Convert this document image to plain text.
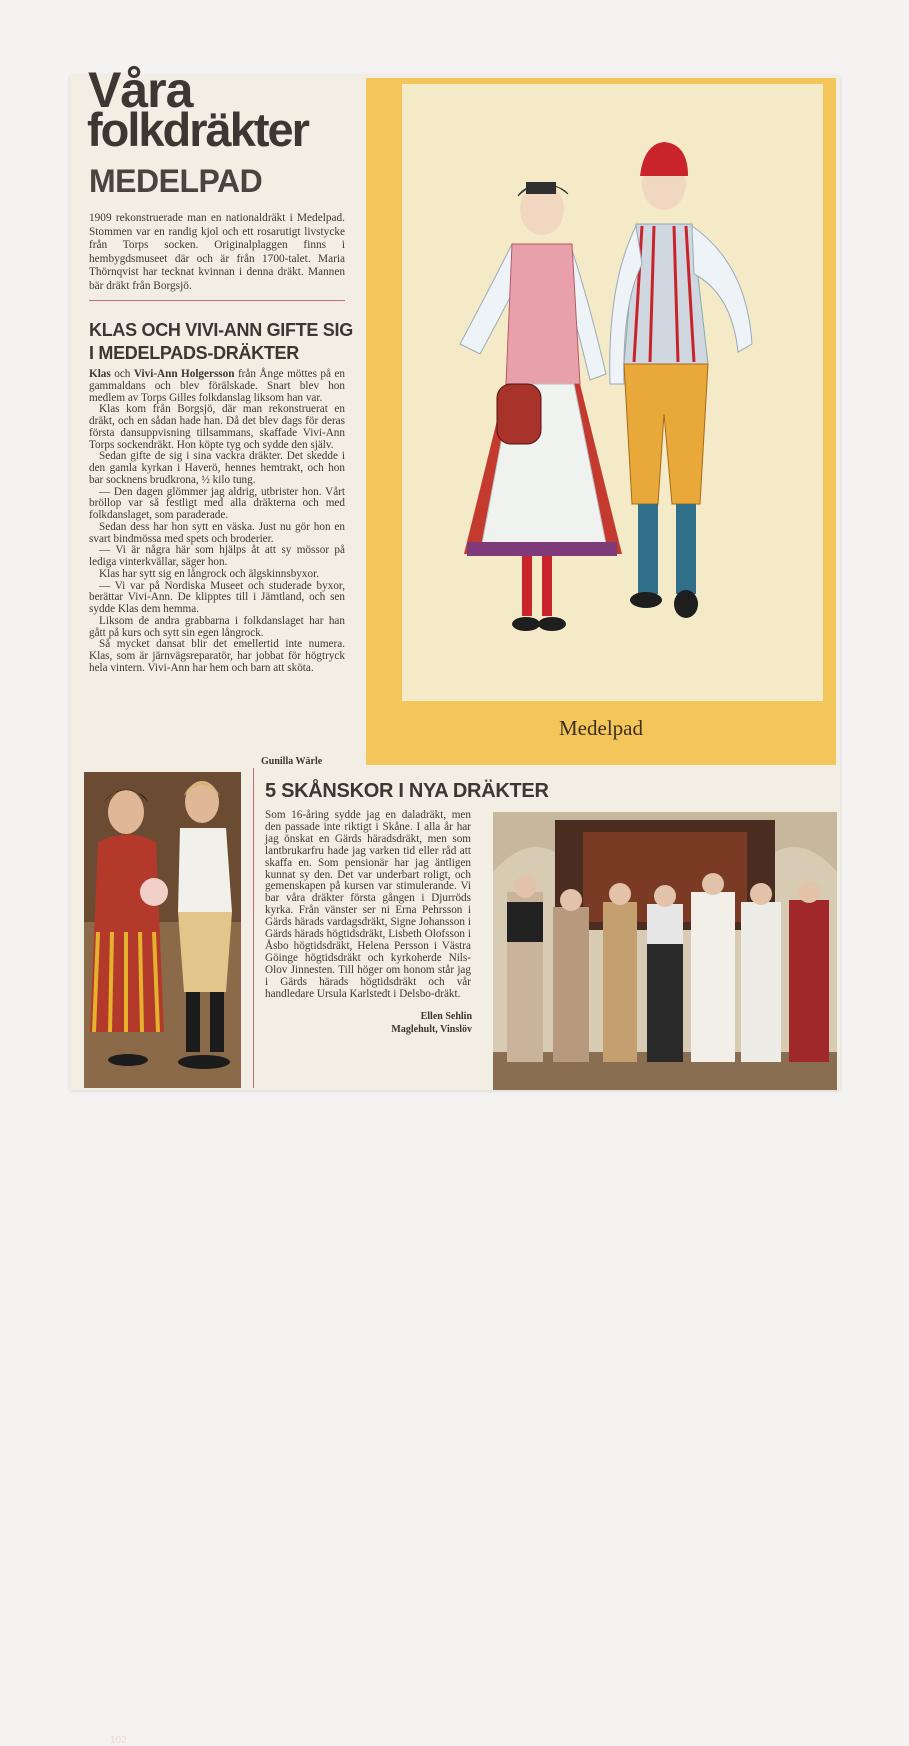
Våra
folkdräkter
MEDELPAD
1909 rekonstruerade man en nationaldräkt i Medelpad. Stommen var en randig kjol och ett rosarutigt livstycke från Torps socken. Originalplaggen finns i hembygdsmuseet där och är från 1700-talet. Maria Thörnqvist har tecknat kvinnan i denna dräkt. Mannen bär dräkt från Borgsjö.
KLAS OCH VIVI-ANN GIFTE SIG I MEDELPADS-DRÄKTER

Klas och Vivi-Ann Holgersson från Ånge möttes på en gammaldans och blev förälskade. Snart blev hon medlem av Torps Gilles folkdanslag liksom han var.

Klas kom från Borgsjö, där man rekonstruerat en dräkt, och en sådan hade han. Då det blev dags för deras första dansuppvisning tillsammans, skaffade Vivi-Ann Torps sockendräkt. Hon köpte tyg och sydde den själv.

Sedan gifte de sig i sina vackra dräkter. Det skedde i den gamla kyrkan i Haverö, hennes hemtrakt, och hon bar socknens brudkrona, ½ kilo tung.

— Den dagen glömmer jag aldrig, utbrister hon. Vårt bröllop var så festligt med alla dräkterna och med folkdanslaget, som paraderade.

Sedan dess har hon sytt en väska. Just nu gör hon en svart bindmössa med spets och broderier.

— Vi är några här som hjälps åt att sy mössor på lediga vinterkvällar, säger hon.

Klas har sytt sig en långrock och älgskinnsbyxor.

— Vi var på Nordiska Museet och studerade byxor, berättar Vivi-Ann. De klipptes till i Jämtland, och sen sydde Klas dem hemma.

Liksom de andra grabbarna i folkdanslaget har han gått på kurs och sytt sin egen långrock.

Så mycket dansat blir det emellertid inte numera. Klas, som är järnvägsreparatör, har jobbat för högtryck hela vintern. Vivi-Ann har hem och barn att sköta.

Gunilla Wärle
Medelpad
102
5 SKÅNSKOR I NYA DRÄKTER
Som 16-åring sydde jag en daladräkt, men den passade inte riktigt i Skåne. I alla år har jag önskat en Gärds häradsdräkt, men som lantbrukarfru hade jag varken tid eller råd att skaffa en. Som pensionär har jag äntligen kunnat sy den. Det var underbart roligt, och gemenskapen på kursen var stimulerande. Vi bar våra dräkter första gången i Djurröds kyrka. Från vänster ser ni Erna Pehrsson i Gärds härads vardagsdräkt, Signe Johansson i Gärds härads högtidsdräkt, Lisbeth Olofsson i Åsbo högtidsdräkt, Helena Persson i Västra Göinge högtidsdräkt och kyrkoherde Nils-Olov Jinnesten. Till höger om honom står jag i Gärds härads högtidsdräkt och vår handledare Ursula Karlstedt i Delsbo-dräkt.
Ellen Sehlin
Maglehult, Vinslöv
